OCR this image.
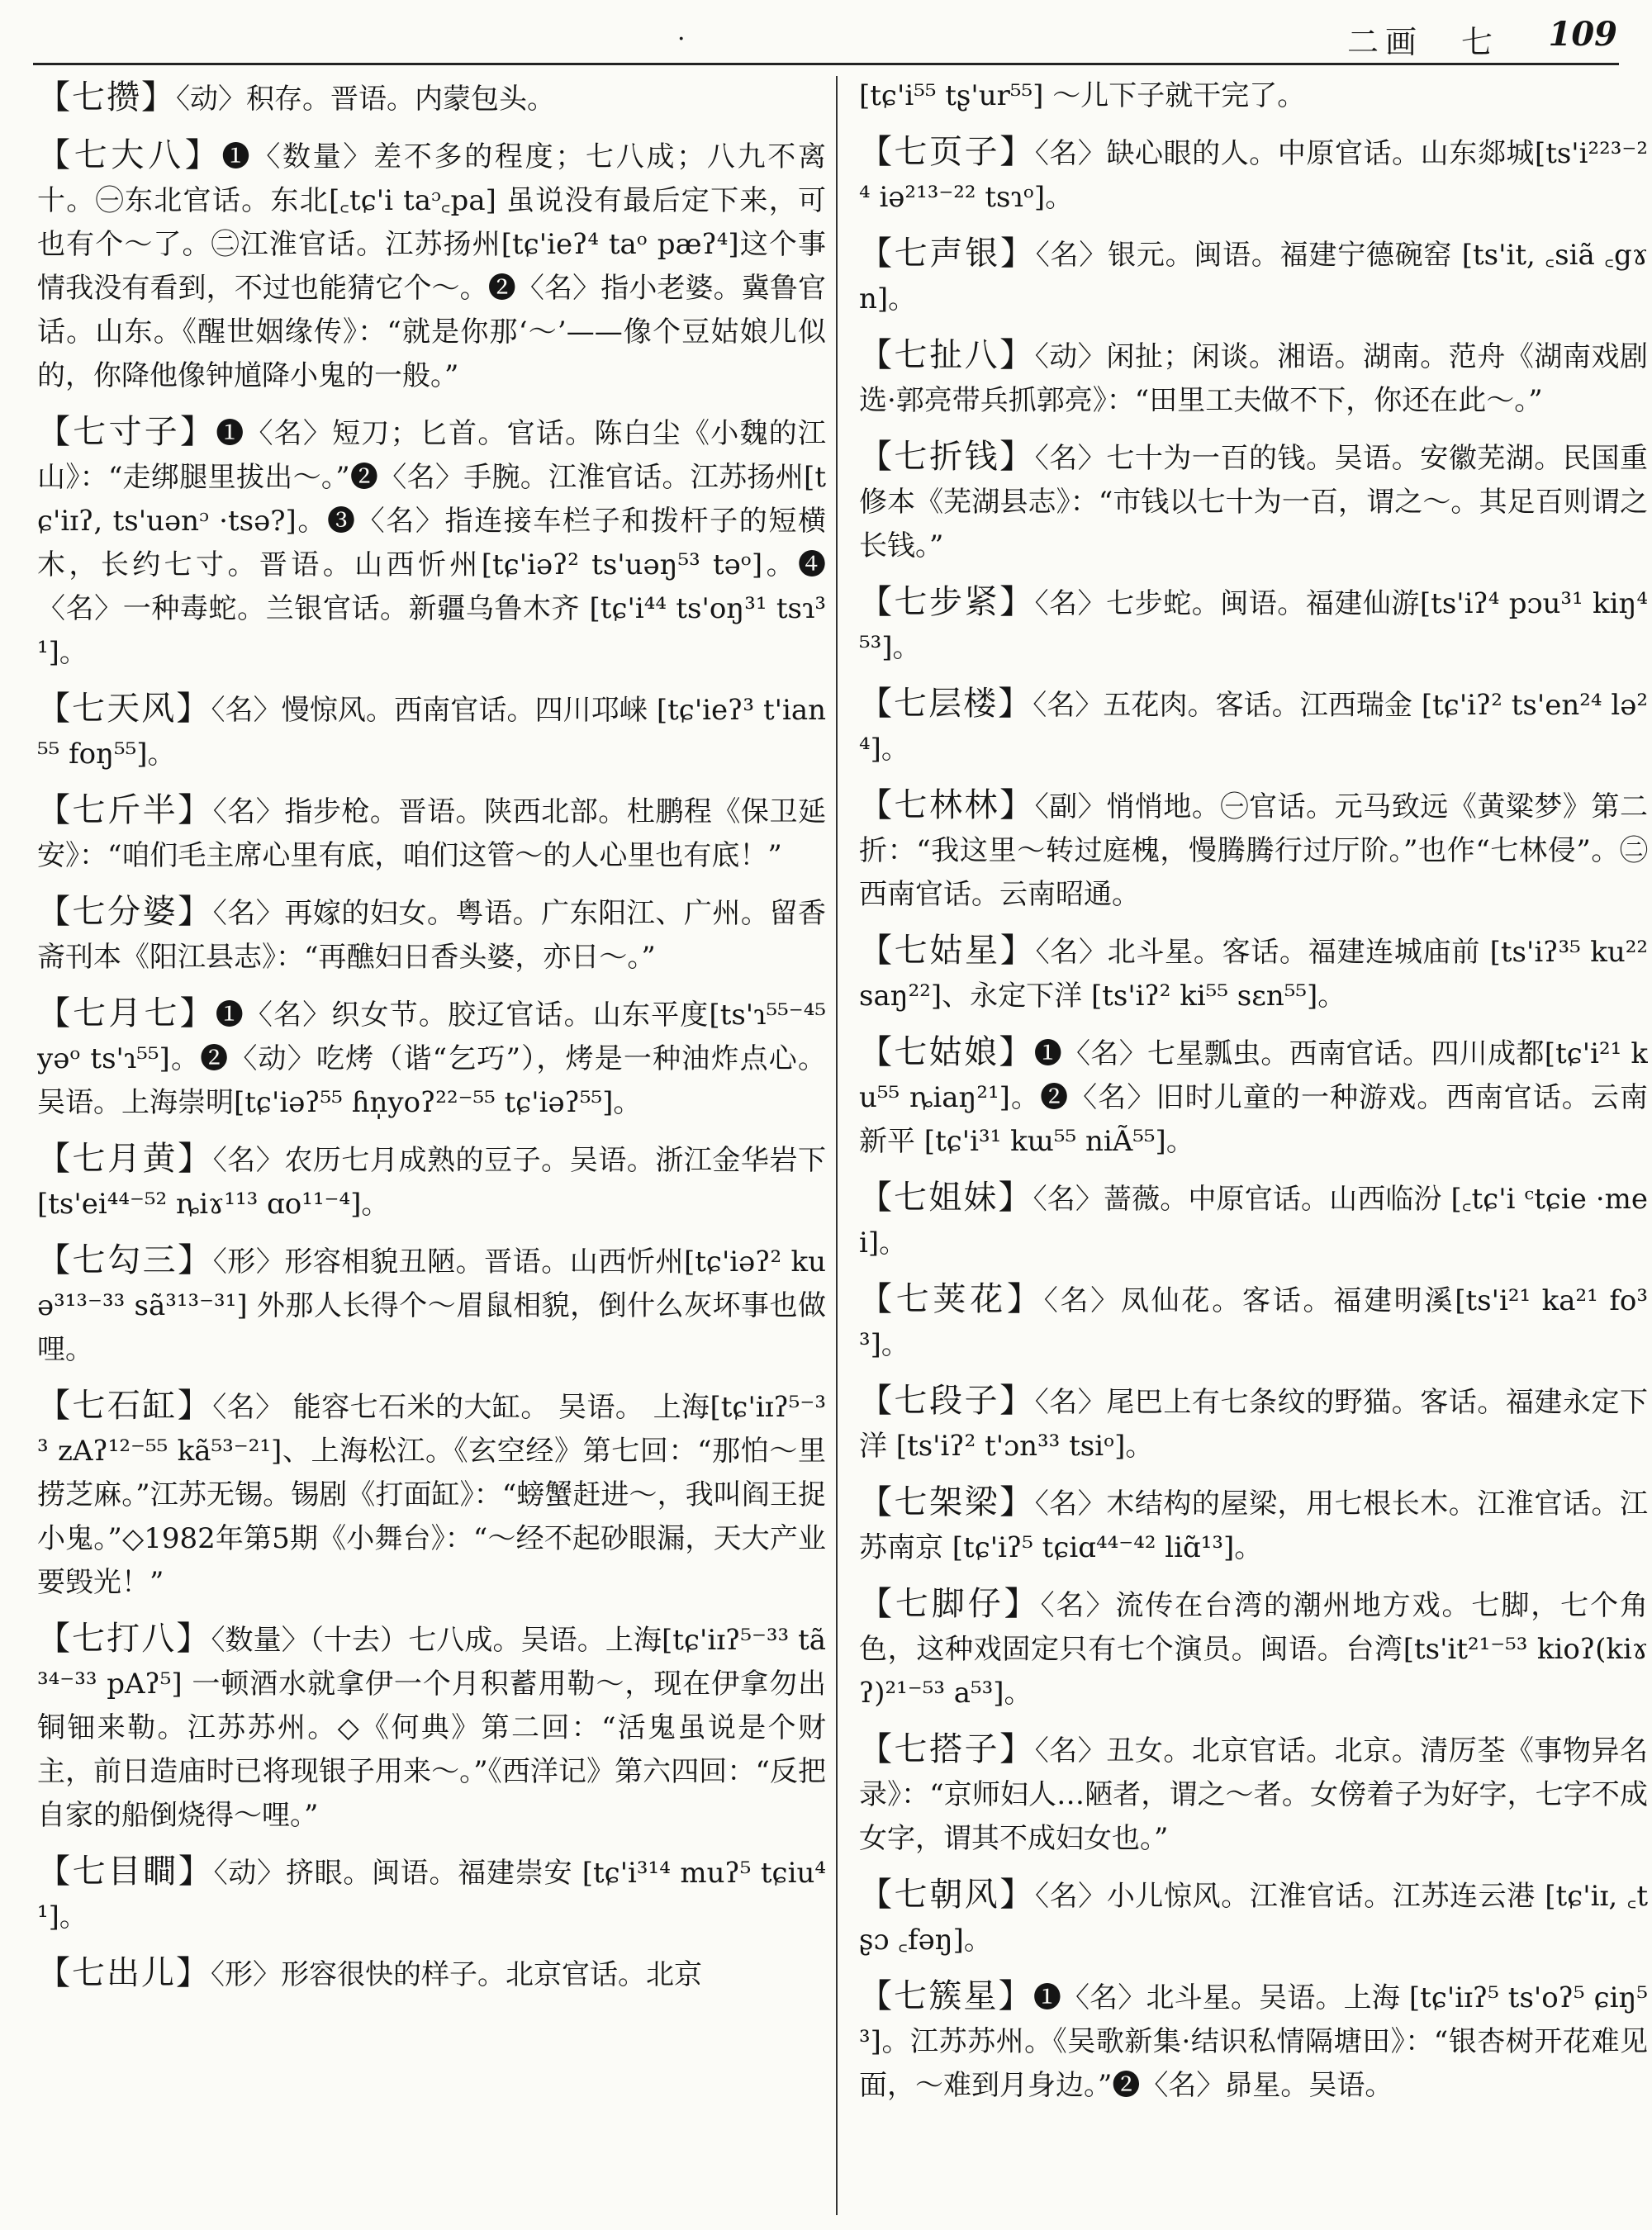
·	二画　七 109

【七攒】〈动〉积存。晋语。内蒙包头。

【七大八】❶〈数量〉差不多的程度；七八成；八九不离十。㊀东北官话。东北[꜀tɕ'i taᵓ꜀pa] 虽说没有最后定下来，可也有个～了。㊁江淮官话。江苏扬州[tɕ'ieʔ⁴ taᵒ pæʔ⁴]这个事情我没有看到，不过也能猜它个～。❷〈名〉指小老婆。冀鲁官话。山东。《醒世姻缘传》：“就是你那‘～’——像个豆姑娘儿似的，你降他像钟馗降小鬼的一般。”

【七寸子】❶〈名〉短刀；匕首。官话。陈白尘《小魏的江山》：“走绑腿里拔出～。”❷〈名〉手腕。江淮官话。江苏扬州[tɕ'iɪʔ, ts'uənᵓ ·tsə?]。❸〈名〉指连接车栏子和拨杆子的短横木，长约七寸。晋语。山西忻州[tɕ'iəʔ² ts'uəŋ⁵³ təᵒ]。❹〈名〉一种毒蛇。兰银官话。新疆乌鲁木齐 [tɕ'i⁴⁴ ts'oŋ³¹ tsɿ³¹]。

【七天风】〈名〉慢惊风。西南官话。四川邛崃 [tɕ'ieʔ³ t'ian⁵⁵ foŋ⁵⁵]。

【七斤半】〈名〉指步枪。晋语。陕西北部。杜鹏程《保卫延安》：“咱们毛主席心里有底，咱们这管～的人心里也有底！”

【七分婆】〈名〉再嫁的妇女。粤语。广东阳江、广州。留香斋刊本《阳江县志》：“再醮妇日香头婆，亦日～。”

【七月七】❶〈名〉织女节。胶辽官话。山东平度[ts'ɿ⁵⁵⁻⁴⁵ yəᵒ ts'ɿ⁵⁵]。❷〈动〉吃烤（谐“乞巧”），烤是一种油炸点心。吴语。上海崇明[tɕ'iəʔ⁵⁵ ɦn̩yoʔ²²⁻⁵⁵ tɕ'iəʔ⁵⁵]。

【七月黄】〈名〉农历七月成熟的豆子。吴语。浙江金华岩下 [ts'ei⁴⁴⁻⁵² ȵiɤ¹¹³ ɑo¹¹⁻⁴]。

【七勾三】〈形〉形容相貌丑陋。晋语。山西忻州[tɕ'iəʔ² kuə³¹³⁻³³ sã³¹³⁻³¹] 外那人长得个～眉鼠相貌，倒什么灰坏事也做哩。

【七石缸】〈名〉 能容七石米的大缸。 吴语。 上海[tɕ'iɪʔ⁵⁻³³ zAʔ¹²⁻⁵⁵ kã⁵³⁻²¹]、上海松江。《玄空经》第七回：“那怕～里捞芝麻。”江苏无锡。锡剧《打面缸》：“螃蟹赶进～，我叫阎王捉小鬼。”◇1982年第5期《小舞台》：“～经不起砂眼漏，天大产业要毁光！”

【七打八】〈数量〉（十去）七八成。吴语。上海[tɕ'iɪʔ⁵⁻³³ tã³⁴⁻³³ pAʔ⁵] 一顿酒水就拿伊一个月积蓄用勒～，现在伊拿勿出铜钿来勒。江苏苏州。◇《何典》第二回：“活鬼虽说是个财主，前日造庙时已将现银子用来～。”《西洋记》第六四回：“反把自家的船倒烧得～哩。”

【七目瞷】〈动〉挤眼。闽语。福建崇安 [tɕ'i³¹⁴ muʔ⁵ tɕiu⁴¹]。

【七出儿】〈形〉形容很快的样子。北京官话。北京

[tɕ'i⁵⁵ tʂ'ur⁵⁵] ～儿下子就干完了。

【七页子】〈名〉缺心眼的人。中原官话。山东郯城[ts'i²²³⁻²⁴ iə²¹³⁻²² tsɿᵒ]。

【七声银】〈名〉银元。闽语。福建宁德碗窑 [ts'it, ꜀siã ꜀gɤn]。

【七扯八】〈动〉闲扯；闲谈。湘语。湖南。范舟《湖南戏剧选·郭亮带兵抓郭亮》：“田里工夫做不下，你还在此～。”

【七折钱】〈名〉七十为一百的钱。吴语。安徽芜湖。民国重修本《芜湖县志》：“市钱以七十为一百，谓之～。其足百则谓之长钱。”

【七步紧】〈名〉七步蛇。闽语。福建仙游[ts'iʔ⁴ pɔu³¹ kiŋ⁴⁵³]。

【七层楼】〈名〉五花肉。客话。江西瑞金 [tɕ'iʔ² ts'en²⁴ lə²⁴]。

【七林林】〈副〉悄悄地。㊀官话。元马致远《黄粱梦》第二折：“我这里～转过庭槐，慢腾腾行过厅阶。”也作“七林侵”。㊁西南官话。云南昭通。

【七姑星】〈名〉北斗星。客话。福建连城庙前 [ts'iʔ³⁵ ku²² saŋ²²]、永定下洋 [ts'iʔ² ki⁵⁵ sɛn⁵⁵]。

【七姑娘】❶〈名〉七星瓢虫。西南官话。四川成都[tɕ'i²¹ ku⁵⁵ ȵiaŋ²¹]。❷〈名〉旧时儿童的一种游戏。西南官话。云南新平 [tɕ'i³¹ kɯ⁵⁵ niÃ⁵⁵]。

【七姐妹】〈名〉蔷薇。中原官话。山西临汾 [꜀tɕ'i ᶜtɕie ·mei]。

【七荚花】〈名〉凤仙花。客话。福建明溪[ts'i²¹ ka²¹ fo³³]。

【七段子】〈名〉尾巴上有七条纹的野猫。客话。福建永定下洋 [ts'iʔ² t'ɔn³³ tsiᵒ]。

【七架梁】〈名〉木结构的屋梁，用七根长木。江淮官话。江苏南京 [tɕ'iʔ⁵ tɕiɑ⁴⁴⁻⁴² liɑ̃¹³]。

【七脚仔】〈名〉流传在台湾的潮州地方戏。七脚，七个角色，这种戏固定只有七个演员。闽语。台湾[ts'it²¹⁻⁵³ kioʔ(kiɤʔ)²¹⁻⁵³ a⁵³]。

【七搭子】〈名〉丑女。北京官话。北京。清厉荃《事物异名录》：“京师妇人…陋者，谓之～者。女傍着子为好字，七字不成女字，谓其不成妇女也。”

【七朝风】〈名〉小儿惊风。江淮官话。江苏连云港 [tɕ'iɪ, ꜀tʂɔ ꜀fəŋ]。

【七簇星】❶〈名〉北斗星。吴语。上海 [tɕ'iɪʔ⁵ ts'oʔ⁵ ɕiŋ⁵³]。江苏苏州。《吴歌新集·结识私情隔塘田》：“银杏树开花难见面，～难到月身边。”❷〈名〉昴星。吴语。
